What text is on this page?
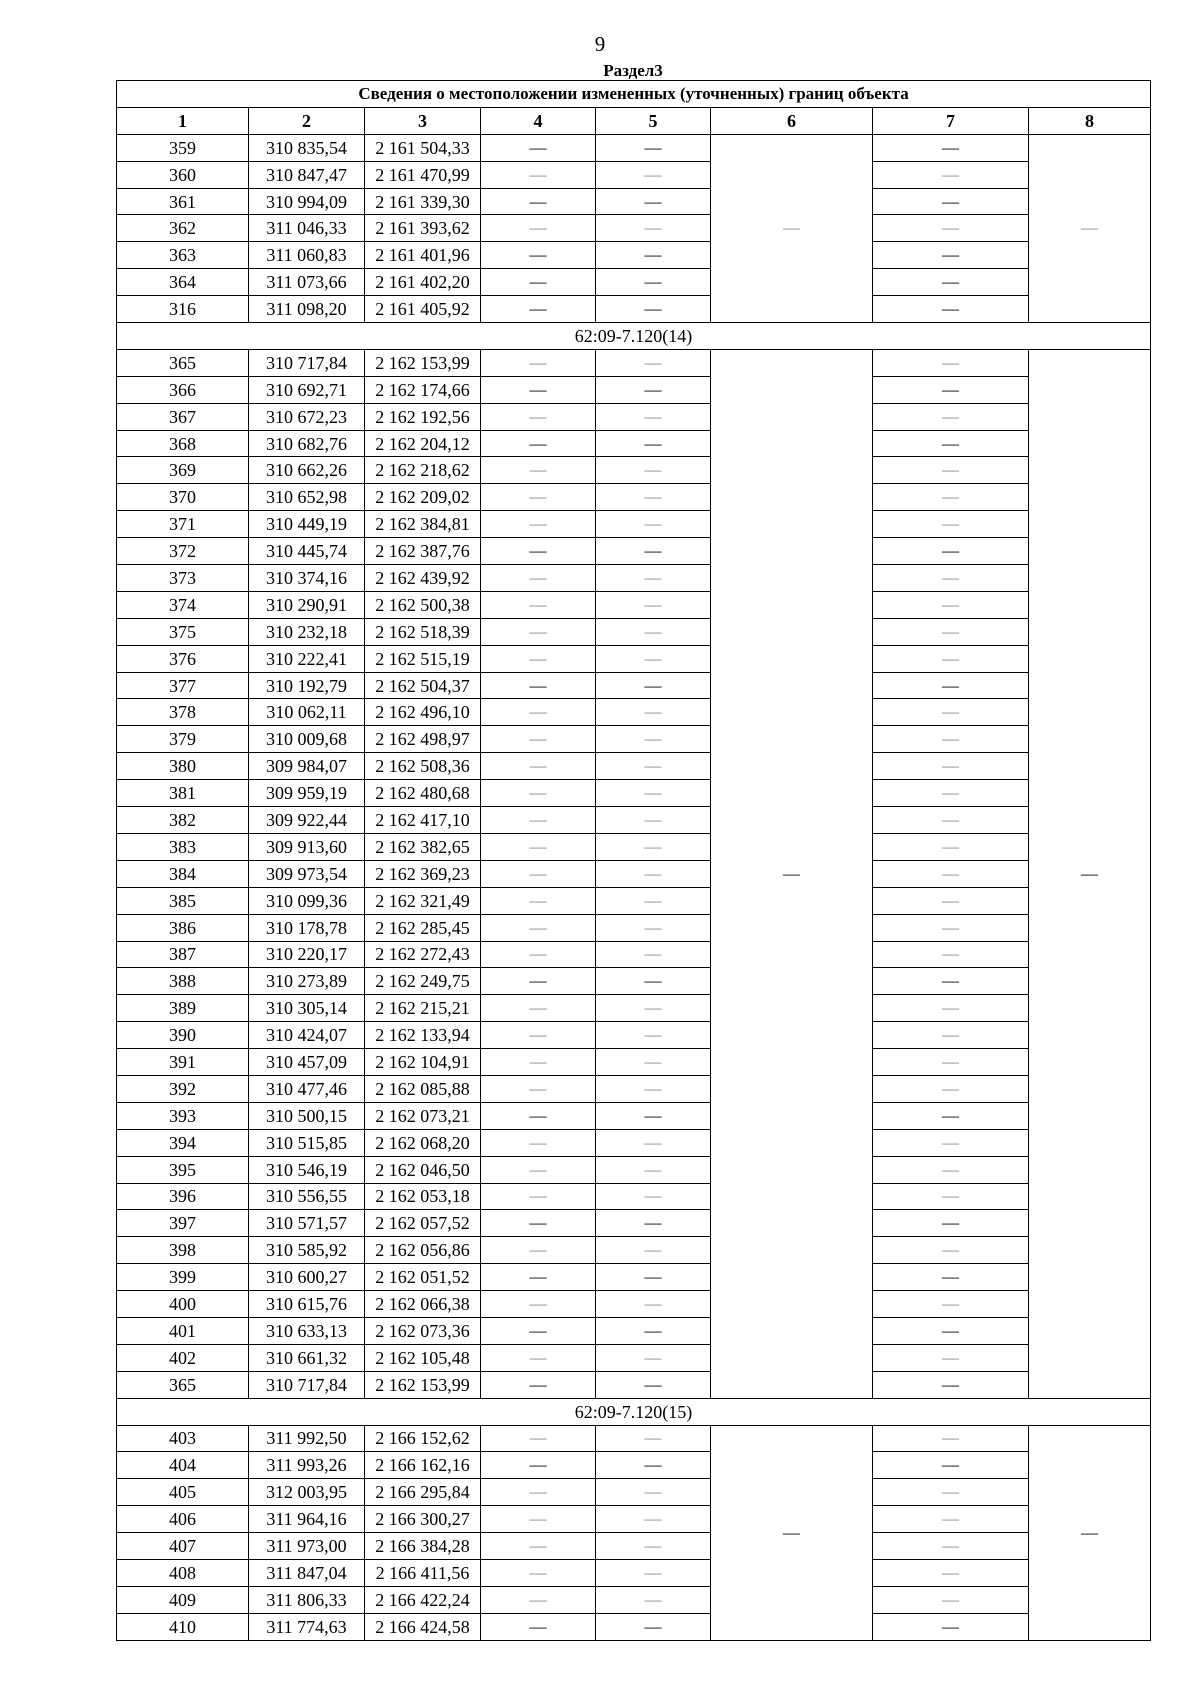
9
Раздел3
Сведения о местоположении измененных (уточненных) границ объекта							
1	2	3	4	5	6	7	8
359	310 835,54	2 161 504,33	—	—	—	—	—
360	310 847,47	2 161 470,99	—	—		—	
361	310 994,09	2 161 339,30	—	—		—	
362	311 046,33	2 161 393,62	—	—		—	
363	311 060,83	2 161 401,96	—	—		—	
364	311 073,66	2 161 402,20	—	—		—	
316	311 098,20	2 161 405,92	—	—		—	
62:09-7.120(14)							
365	310 717,84	2 162 153,99	—	—	—	—	—
366	310 692,71	2 162 174,66	—	—		—	
367	310 672,23	2 162 192,56	—	—		—	
368	310 682,76	2 162 204,12	—	—		—	
369	310 662,26	2 162 218,62	—	—		—	
370	310 652,98	2 162 209,02	—	—		—	
371	310 449,19	2 162 384,81	—	—		—	
372	310 445,74	2 162 387,76	—	—		—	
373	310 374,16	2 162 439,92	—	—		—	
374	310 290,91	2 162 500,38	—	—		—	
375	310 232,18	2 162 518,39	—	—		—	
376	310 222,41	2 162 515,19	—	—		—	
377	310 192,79	2 162 504,37	—	—		—	
378	310 062,11	2 162 496,10	—	—		—	
379	310 009,68	2 162 498,97	—	—		—	
380	309 984,07	2 162 508,36	—	—		—	
381	309 959,19	2 162 480,68	—	—		—	
382	309 922,44	2 162 417,10	—	—		—	
383	309 913,60	2 162 382,65	—	—		—	
384	309 973,54	2 162 369,23	—	—		—	
385	310 099,36	2 162 321,49	—	—		—	
386	310 178,78	2 162 285,45	—	—		—	
387	310 220,17	2 162 272,43	—	—		—	
388	310 273,89	2 162 249,75	—	—		—	
389	310 305,14	2 162 215,21	—	—		—	
390	310 424,07	2 162 133,94	—	—		—	
391	310 457,09	2 162 104,91	—	—		—	
392	310 477,46	2 162 085,88	—	—		—	
393	310 500,15	2 162 073,21	—	—		—	
394	310 515,85	2 162 068,20	—	—		—	
395	310 546,19	2 162 046,50	—	—		—	
396	310 556,55	2 162 053,18	—	—		—	
397	310 571,57	2 162 057,52	—	—		—	
398	310 585,92	2 162 056,86	—	—		—	
399	310 600,27	2 162 051,52	—	—		—	
400	310 615,76	2 162 066,38	—	—		—	
401	310 633,13	2 162 073,36	—	—		—	
402	310 661,32	2 162 105,48	—	—		—	
365	310 717,84	2 162 153,99	—	—		—	
62:09-7.120(15)							
403	311 992,50	2 166 152,62	—	—	—	—	—
404	311 993,26	2 166 162,16	—	—		—	
405	312 003,95	2 166 295,84	—	—		—	
406	311 964,16	2 166 300,27	—	—		—	
407	311 973,00	2 166 384,28	—	—		—	
408	311 847,04	2 166 411,56	—	—		—	
409	311 806,33	2 166 422,24	—	—		—	
410	311 774,63	2 166 424,58	—	—		—	
